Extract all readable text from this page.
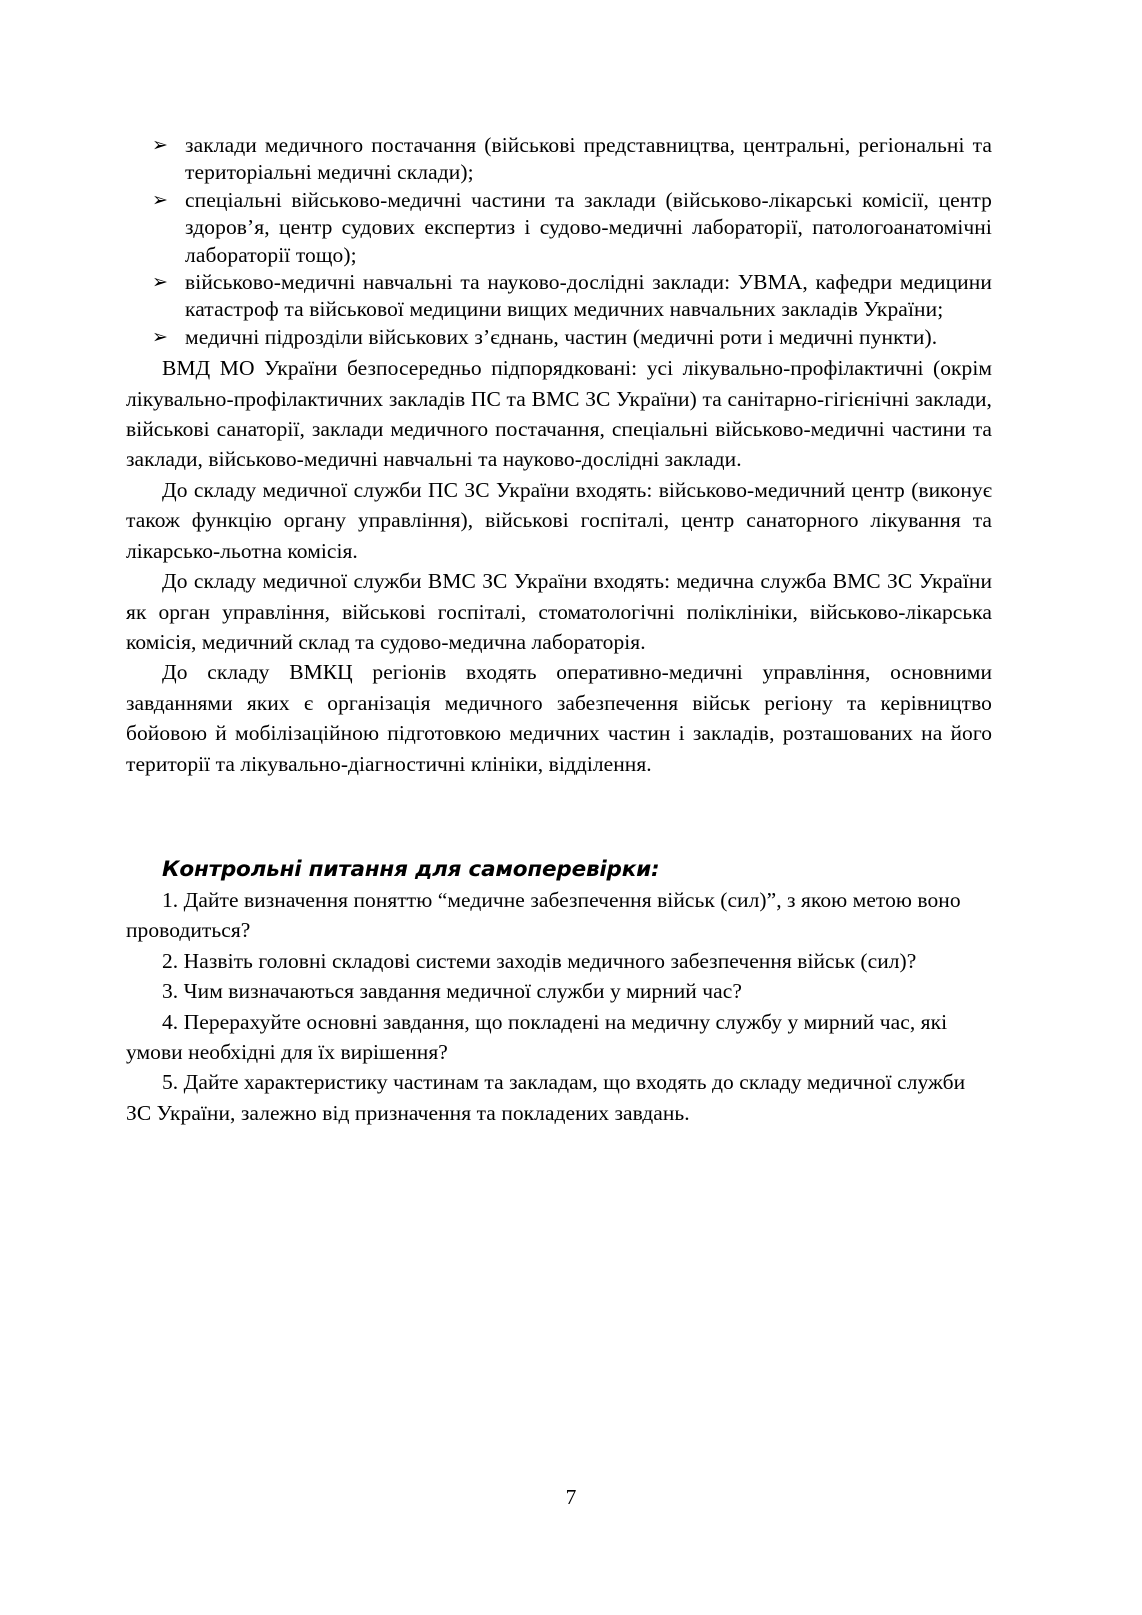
➢ заклади медичного постачання (військові представництва, центральні, регіональні та територіальні медичні склади);
➢ спеціальні військово-медичні частини та заклади (військово-лікарські комісії, центр здоров’я, центр судових експертиз і судово-медичні лабораторії, патологоанатомічні лабораторії тощо);
➢ військово-медичні навчальні та науково-дослідні заклади: УВМА, кафедри медицини катастроф та військової медицини вищих медичних навчальних закладів України;
➢ медичні підрозділи військових з’єднань, частин (медичні роти і медичні пункти).

ВМД МО України безпосередньо підпорядковані: усі лікувально-профілактичні (окрім лікувально-профілактичних закладів ПС та ВМС ЗС України) та санітарно-гігієнічні заклади, військові санаторії, заклади медичного постачання, спеціальні військово-медичні частини та заклади, військово-медичні навчальні та науково-дослідні заклади.

До складу медичної служби ПС ЗС України входять: військово-медичний центр (виконує також функцію органу управління), військові госпіталі, центр санаторного лікування та лікарсько-льотна комісія.

До складу медичної служби ВМС ЗС України входять: медична служба ВМС ЗС України як орган управління, військові госпіталі, стоматологічні поліклініки, військово-лікарська комісія, медичний склад та судово-медична лабораторія.

До складу ВМКЦ регіонів входять оперативно-медичні управління, основними завданнями яких є організація медичного забезпечення військ регіону та керівництво бойовою й мобілізаційною підготовкою медичних частин і закладів, розташованих на його території та лікувально-діагностичні клініки, відділення.

Контрольні питання для самоперевірки:

1. Дайте визначення поняттю “медичне забезпечення військ (сил)”, з якою метою воно проводиться?

2. Назвіть головні складові системи заходів медичного забезпечення військ (сил)?

3. Чим визначаються завдання медичної служби у мирний час?

4. Перерахуйте основні завдання, що покладені на медичну службу у мирний час, які умови необхідні для їх вирішення?

5. Дайте характеристику частинам та закладам, що входять до складу медичної служби ЗС України, залежно від призначення та покладених завдань.

7
